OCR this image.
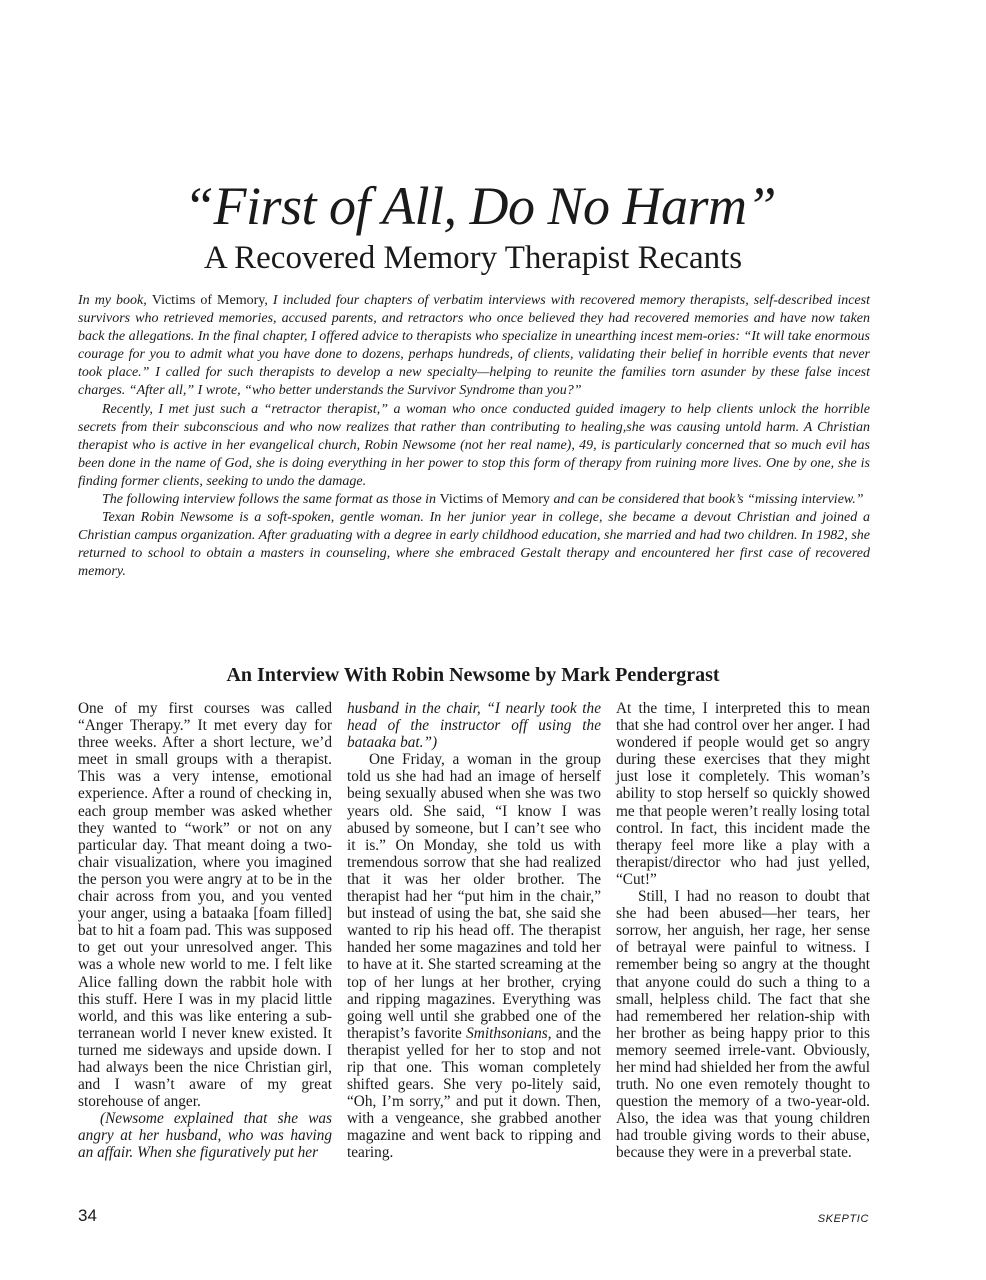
“First of All, Do No Harm”
A Recovered Memory Therapist Recants

In my book, Victims of Memory, I included four chapters of verbatim interviews with recovered memory therapists, self-described incest survivors who retrieved memories, accused parents, and retractors who once believed they had recovered memories and have now taken back the allegations. In the final chapter, I offered advice to therapists who specialize in unearthing incest mem-ories: “It will take enormous courage for you to admit what you have done to dozens, perhaps hundreds, of clients, validating their belief in horrible events that never took place.” I called for such therapists to develop a new specialty—helping to reunite the families torn asunder by these false incest charges. “After all,” I wrote, “who better understands the Survivor Syndrome than you?”

Recently, I met just such a “retractor therapist,” a woman who once conducted guided imagery to help clients unlock the horrible secrets from their subconscious and who now realizes that rather than contributing to healing,she was causing untold harm. A Christian therapist who is active in her evangelical church, Robin Newsome (not her real name), 49, is particularly concerned that so much evil has been done in the name of God, she is doing everything in her power to stop this form of therapy from ruining more lives. One by one, she is finding former clients, seeking to undo the damage.

The following interview follows the same format as those in Victims of Memory and can be considered that book’s “missing interview.”

Texan Robin Newsome is a soft-spoken, gentle woman. In her junior year in college, she became a devout Christian and joined a Christian campus organization. After graduating with a degree in early childhood education, she married and had two children. In 1982, she returned to school to obtain a masters in counseling, where she embraced Gestalt therapy and encountered her first case of recovered memory.

An Interview With Robin Newsome by Mark Pendergrast

One of my first courses was called “Anger Therapy.” It met every day for three weeks. After a short lecture, we’d meet in small groups with a therapist. This was a very intense, emotional experience. After a round of checking in, each group member was asked whether they wanted to “work” or not on any particular day. That meant doing a two-chair visualization, where you imagined the person you were angry at to be in the chair across from you, and you vented your anger, using a bataaka [foam filled] bat to hit a foam pad. This was supposed to get out your unresolved anger. This was a whole new world to me. I felt like Alice falling down the rabbit hole with this stuff. Here I was in my placid little world, and this was like entering a sub-terranean world I never knew existed. It turned me sideways and upside down. I had always been the nice Christian girl, and I wasn’t aware of my great storehouse of anger.

(Newsome explained that she was angry at her husband, who was having an affair. When she figuratively put her

husband in the chair, “I nearly took the head of the instructor off using the bataaka bat.”)

One Friday, a woman in the group told us she had had an image of herself being sexually abused when she was two years old. She said, “I know I was abused by someone, but I can’t see who it is.” On Monday, she told us with tremendous sorrow that she had realized that it was her older brother. The therapist had her “put him in the chair,” but instead of using the bat, she said she wanted to rip his head off. The therapist handed her some magazines and told her to have at it. She started screaming at the top of her lungs at her brother, crying and ripping magazines. Everything was going well until she grabbed one of the therapist’s favorite Smithsonians, and the therapist yelled for her to stop and not rip that one. This woman completely shifted gears. She very po-litely said, “Oh, I’m sorry,” and put it down. Then, with a vengeance, she grabbed another magazine and went back to ripping and tearing.

At the time, I interpreted this to mean that she had control over her anger. I had wondered if people would get so angry during these exercises that they might just lose it completely. This woman’s ability to stop herself so quickly showed me that people weren’t really losing total control. In fact, this incident made the therapy feel more like a play with a therapist/director who had just yelled, “Cut!”

Still, I had no reason to doubt that she had been abused—her tears, her sorrow, her anguish, her rage, her sense of betrayal were painful to witness. I remember being so angry at the thought that anyone could do such a thing to a small, helpless child. The fact that she had remembered her relation-ship with her brother as being happy prior to this memory seemed irrele-vant. Obviously, her mind had shielded her from the awful truth. No one even remotely thought to question the memory of a two-year-old. Also, the idea was that young children had trouble giving words to their abuse, because they were in a preverbal state.

34	SKEPTIC
